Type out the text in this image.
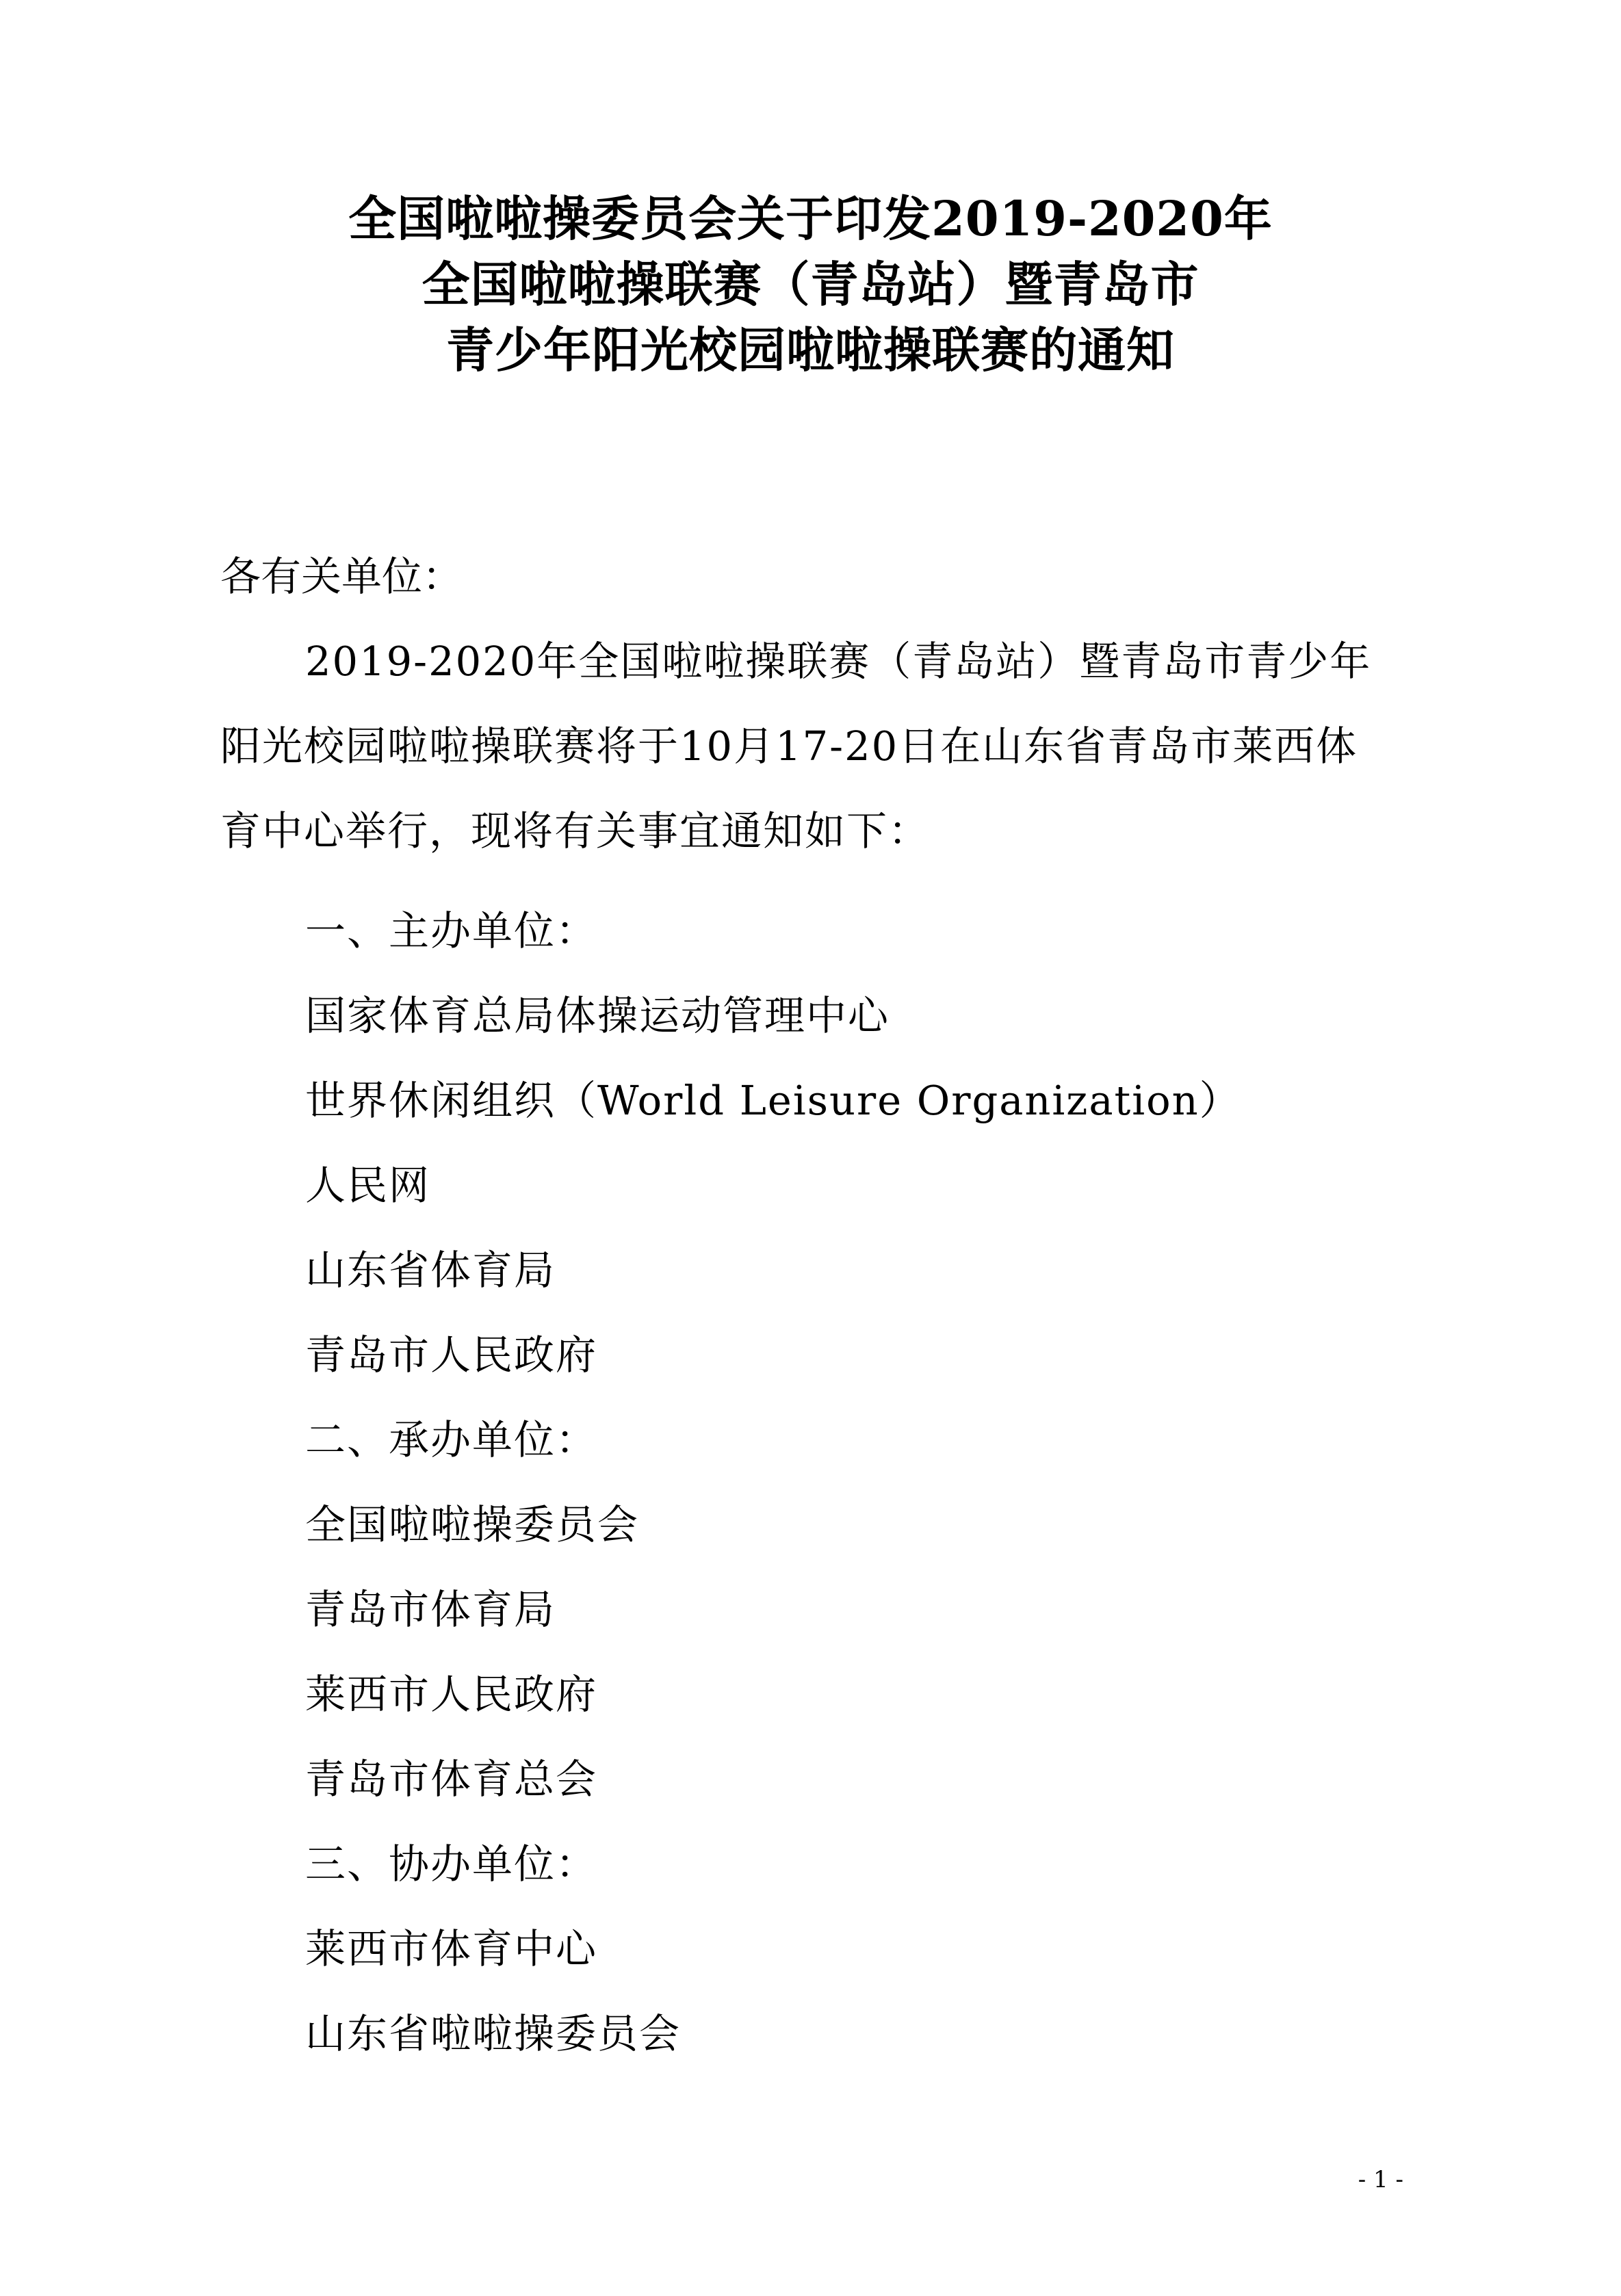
全国啦啦操委员会关于印发2019-2020年
全国啦啦操联赛（青岛站）暨青岛市
青少年阳光校园啦啦操联赛的通知
各有关单位：
2019-2020年全国啦啦操联赛（青岛站）暨青岛市青少年
阳光校园啦啦操联赛将于10月17-20日在山东省青岛市莱西体
育中心举行，现将有关事宜通知如下：
一、主办单位：
国家体育总局体操运动管理中心
世界休闲组织（World Leisure Organization）
人民网
山东省体育局
青岛市人民政府
二、承办单位：
全国啦啦操委员会
青岛市体育局
莱西市人民政府
青岛市体育总会
三、协办单位：
莱西市体育中心
山东省啦啦操委员会
- 1 -
